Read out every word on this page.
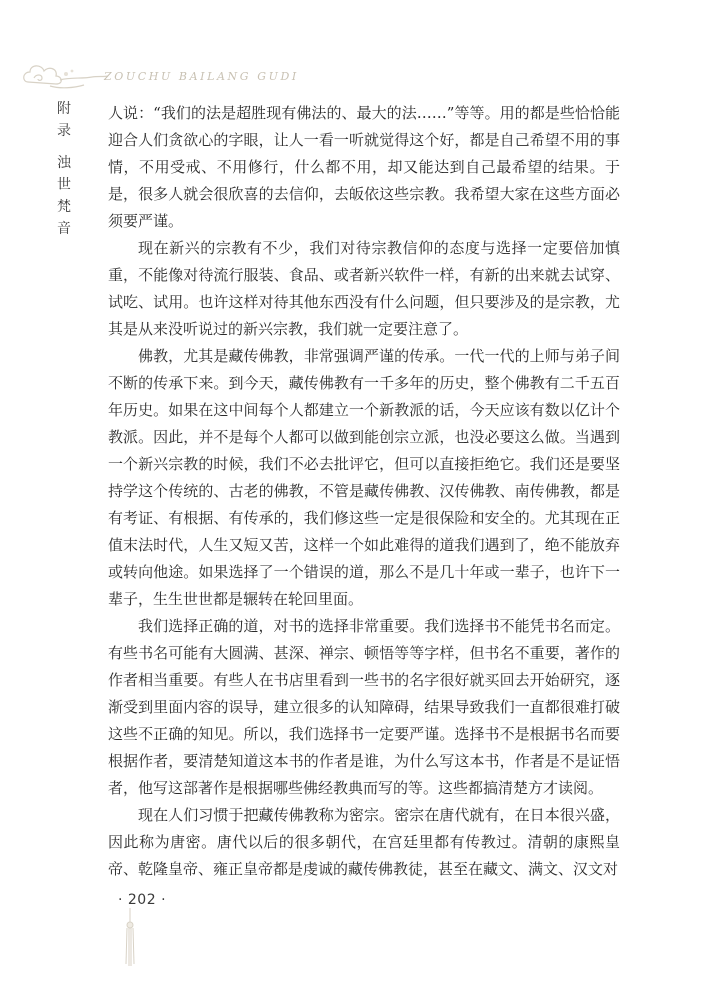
ZOUCHU BAILANG GUDI
附录
浊世梵音

人说：“我们的法是超胜现有佛法的、最大的法……”等等。用的都是些恰恰能迎合人们贪欲心的字眼，让人一看一听就觉得这个好，都是自己希望不用的事情，不用受戒、不用修行，什么都不用，却又能达到自己最希望的结果。于是，很多人就会很欣喜的去信仰，去皈依这些宗教。我希望大家在这些方面必须要严谨。

现在新兴的宗教有不少，我们对待宗教信仰的态度与选择一定要倍加慎重，不能像对待流行服装、食品、或者新兴软件一样，有新的出来就去试穿、试吃、试用。也许这样对待其他东西没有什么问题，但只要涉及的是宗教，尤其是从来没听说过的新兴宗教，我们就一定要注意了。

佛教，尤其是藏传佛教，非常强调严谨的传承。一代一代的上师与弟子间不断的传承下来。到今天，藏传佛教有一千多年的历史，整个佛教有二千五百年历史。如果在这中间每个人都建立一个新教派的话，今天应该有数以亿计个教派。因此，并不是每个人都可以做到能创宗立派，也没必要这么做。当遇到一个新兴宗教的时候，我们不必去批评它，但可以直接拒绝它。我们还是要坚持学这个传统的、古老的佛教，不管是藏传佛教、汉传佛教、南传佛教，都是有考证、有根据、有传承的，我们修这些一定是很保险和安全的。尤其现在正值末法时代，人生又短又苦，这样一个如此难得的道我们遇到了，绝不能放弃或转向他途。如果选择了一个错误的道，那么不是几十年或一辈子，也许下一辈子，生生世世都是辗转在轮回里面。

我们选择正确的道，对书的选择非常重要。我们选择书不能凭书名而定。有些书名可能有大圆满、甚深、禅宗、顿悟等等字样，但书名不重要，著作的作者相当重要。有些人在书店里看到一些书的名字很好就买回去开始研究，逐渐受到里面内容的误导，建立很多的认知障碍，结果导致我们一直都很难打破这些不正确的知见。所以，我们选择书一定要严谨。选择书不是根据书名而要根据作者，要清楚知道这本书的作者是谁，为什么写这本书，作者是不是证悟者，他写这部著作是根据哪些佛经教典而写的等。这些都搞清楚方才读阅。

现在人们习惯于把藏传佛教称为密宗。密宗在唐代就有，在日本很兴盛，因此称为唐密。唐代以后的很多朝代，在宫廷里都有传教过。清朝的康熙皇帝、乾隆皇帝、雍正皇帝都是虔诚的藏传佛教徒，甚至在藏文、满文、汉文对

· 202 ·
